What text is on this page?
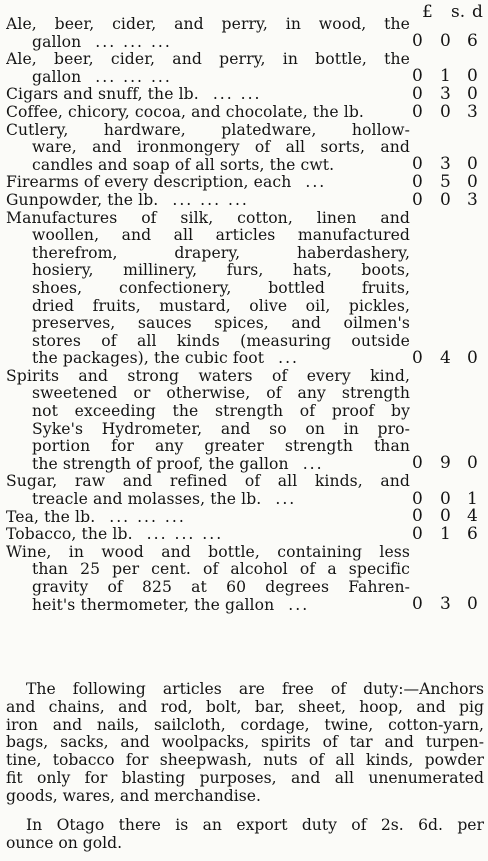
£ s. d
Ale, beer, cider, and perry, in wood, the
gallon ... ... ...	0 0 6
Ale, beer, cider, and perry, in bottle, the
gallon ... ... ...	0 1 0
Cigars and snuff, the lb. ... ...	0 3 0
Coffee, chicory, cocoa, and chocolate, the lb.	0 0 3
Cutlery, hardware, platedware, hollow-
ware, and ironmongery of all sorts, and
candles and soap of all sorts, the cwt.	0 3 0
Firearms of every description, each ...	0 5 0
Gunpowder, the lb. ... ... ...	0 0 3
Manufactures of silk, cotton, linen and
woollen, and all articles manufactured
therefrom, drapery, haberdashery,
hosiery, millinery, furs, hats, boots,
shoes, confectionery, bottled fruits,
dried fruits, mustard, olive oil, pickles,
preserves, sauces spices, and oilmen's
stores of all kinds (measuring outside
the packages), the cubic foot ...	0 4 0
Spirits and strong waters of every kind,
sweetened or otherwise, of any strength
not exceeding the strength of proof by
Syke's Hydrometer, and so on in pro-
portion for any greater strength than
the strength of proof, the gallon ...	0 9 0
Sugar, raw and refined of all kinds, and
treacle and molasses, the lb. ...	0 0 1
Tea, the lb. ... ... ...	0 0 4
Tobacco, the lb. ... ... ...	0 1 6
Wine, in wood and bottle, containing less
than 25 per cent. of alcohol of a specific
gravity of 825 at 60 degrees Fahren-
heit's thermometer, the gallon ...	0 3 0
The following articles are free of duty:—Anchors
and chains, and rod, bolt, bar, sheet, hoop, and pig
iron and nails, sailcloth, cordage, twine, cotton-yarn,
bags, sacks, and woolpacks, spirits of tar and turpen-
tine, tobacco for sheepwash, nuts of all kinds, powder
fit only for blasting purposes, and all unenumerated
goods, wares, and merchandise.
In Otago there is an export duty of 2s. 6d. per
ounce on gold.
